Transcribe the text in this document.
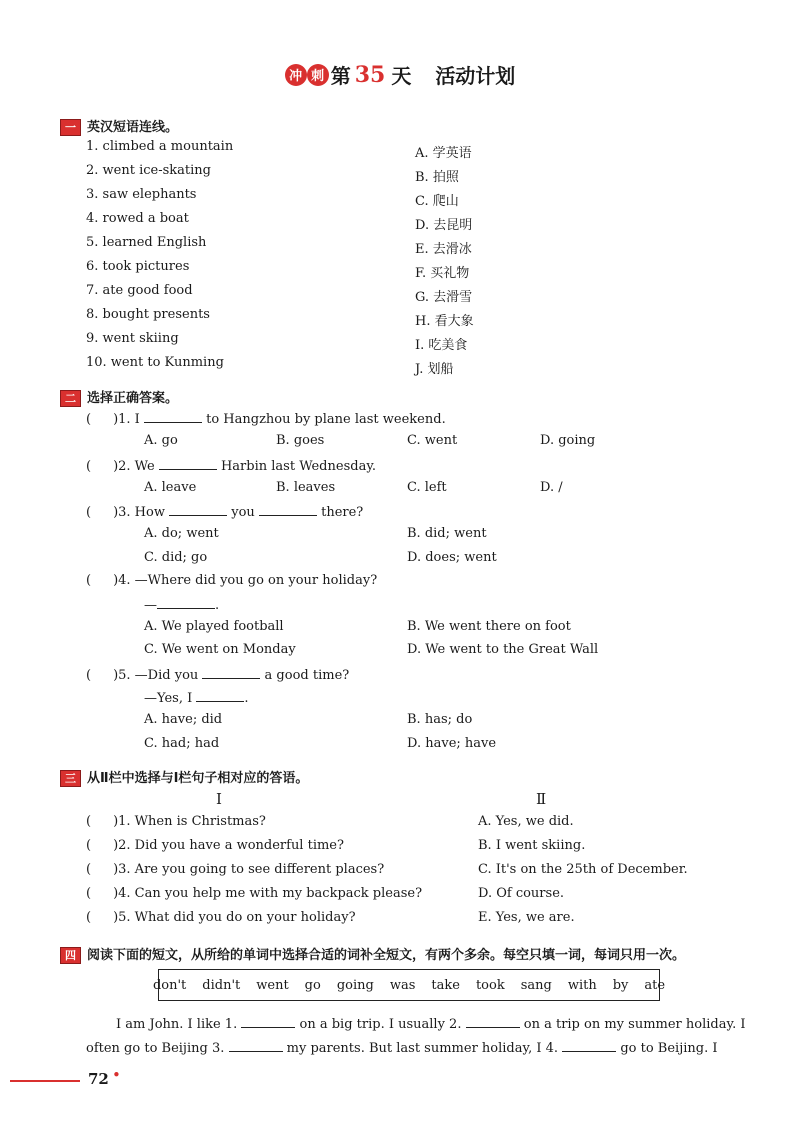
冲 刺 第 35 天 活动计划
一 英汉短语连线。
1. climbed a mountain
2. went ice-skating
3. saw elephants
4. rowed a boat
5. learned English
6. took pictures
7. ate good food
8. bought presents
9. went skiing
10. went to Kunming
A. 学英语
B. 拍照
C. 爬山
D. 去昆明
E. 去滑冰
F. 买礼物
G. 去滑雪
H. 看大象
I. 吃美食
J. 划船
二 选择正确答案。
( )1. I	to Hangzhou by plane last weekend.
A. go	B. goes	C. went	D. going
( )2. We	Harbin last Wednesday.
A. leave	B. leaves	C. left	D. /
( )3. How	you	there?
A. do; went	B. did; went
C. did; go	D. does; went
( )4. —Where did you go on your holiday?
—	.
A. We played football	B. We went there on foot
C. We went on Monday	D. We went to the Great Wall
( )5. —Did you	a good time?
—Yes, I	.
A. have; did	B. has; do
C. had; had	D. have; have
三 从Ⅱ栏中选择与Ⅰ栏句子相对应的答语。
Ⅰ	Ⅱ
( )1. When is Christmas?
( )2. Did you have a wonderful time?
( )3. Are you going to see different places?
( )4. Can you help me with my backpack please?
( )5. What did you do on your holiday?
A. Yes, we did.
B. I went skiing.
C. It's on the 25th of December.
D. Of course.
E. Yes, we are.
四 阅读下面的短文，从所给的单词中选择合适的词补全短文，有两个多余。每空只填一词，每词只用一次。
don't didn't went go going was take took sang with by ate
I am John. I like 1.	on a big trip. I usually 2.	on a trip on my summer holiday. I
often go to Beijing 3.	my parents. But last summer holiday, I 4.	go to Beijing. I
72 •
